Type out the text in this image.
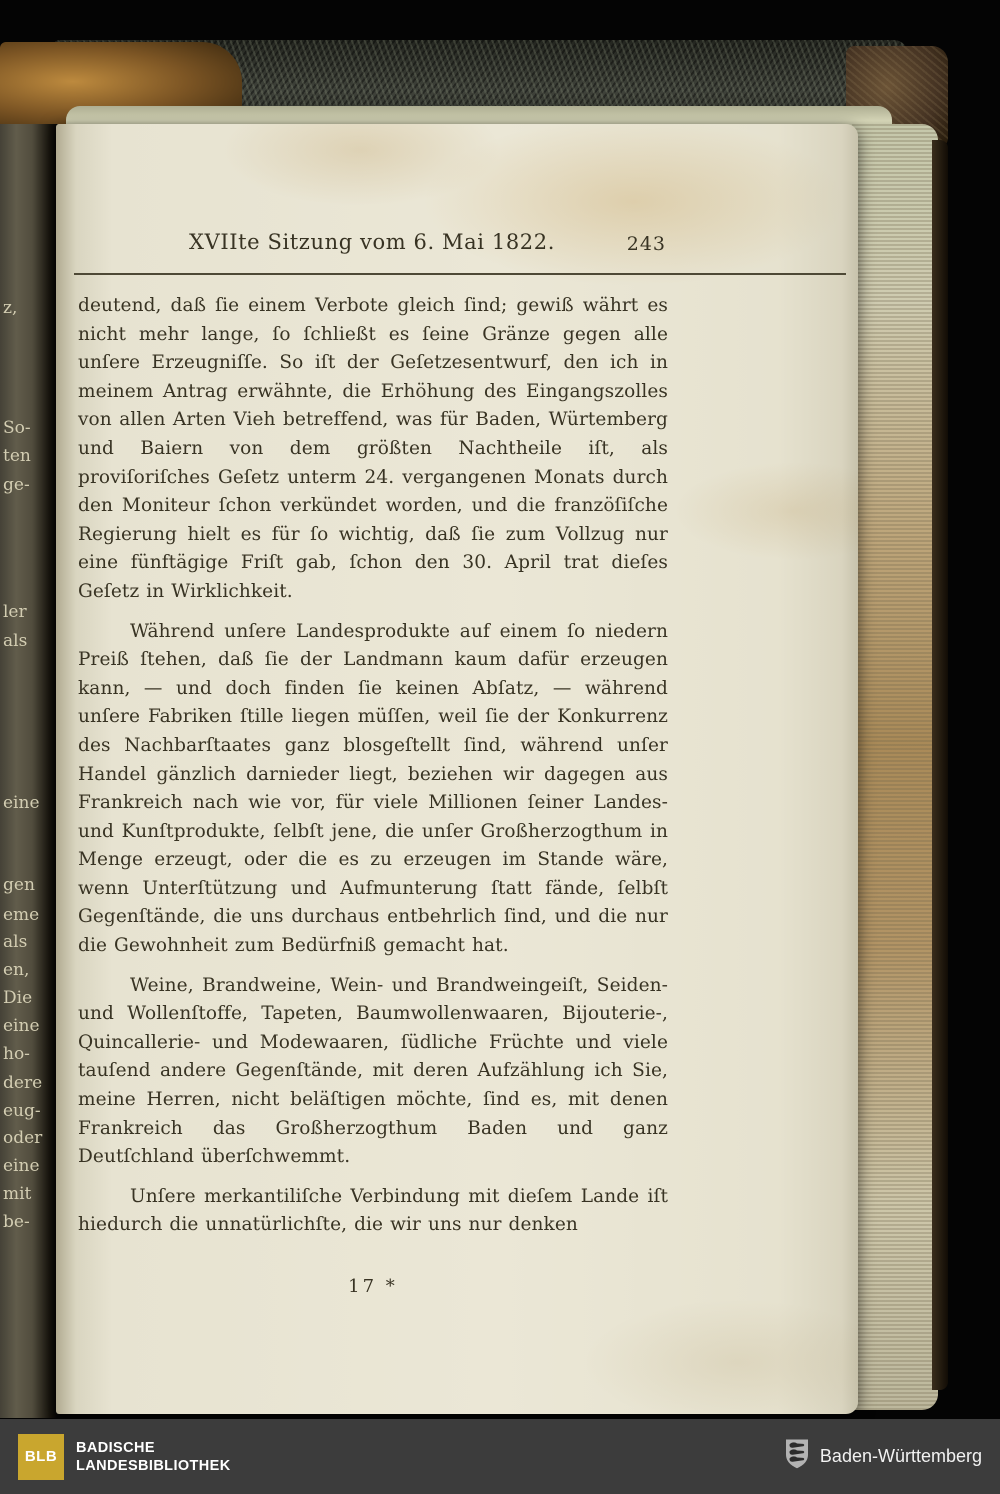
z,
So-
ten
ge-
ler
als
eine
gen
eme
als
en,
Die
eine
ho-
dere
eug-
oder
eine
mit
be-
XVIIte Sitzung vom 6. Mai 1822.	243

deutend, daß ſie einem Verbote gleich ſind; gewiß währt es nicht mehr lange, ſo ſchließt es ſeine Gränze gegen alle unſere Erzeugniſſe. So iſt der Geſetzesentwurf, den ich in meinem Antrag erwähnte, die Erhöhung des Eingangszolles von allen Arten Vieh betreffend, was für Baden, Würtemberg und Baiern von dem größten Nachtheile iſt, als proviſoriſches Geſetz unterm 24. vergangenen Monats durch den Moniteur ſchon verkündet worden, und die franzöſiſche Regierung hielt es für ſo wichtig, daß ſie zum Vollzug nur eine fünftägige Friſt gab, ſchon den 30. April trat dieſes Geſetz in Wirklichkeit.

Während unſere Landesprodukte auf einem ſo niedern Preiß ſtehen, daß ſie der Landmann kaum dafür erzeugen kann, — und doch finden ſie keinen Abſatz, — während unſere Fabriken ſtille liegen müſſen, weil ſie der Konkurrenz des Nachbarſtaates ganz blosgeſtellt ſind, während unſer Handel gänzlich darnieder liegt, beziehen wir dagegen aus Frankreich nach wie vor, für viele Millionen ſeiner Landes- und Kunſtprodukte, ſelbſt jene, die unſer Großherzogthum in Menge erzeugt, oder die es zu erzeugen im Stande wäre, wenn Unterſtützung und Aufmunterung ſtatt fände, ſelbſt Gegenſtände, die uns durchaus entbehrlich ſind, und die nur die Gewohnheit zum Bedürfniß gemacht hat.

Weine, Brandweine, Wein- und Brandweingeiſt, Seiden- und Wollenſtoffe, Tapeten, Baumwollenwaaren, Bijouterie-, Quincallerie- und Modewaaren, ſüdliche Früchte und viele tauſend andere Gegenſtände, mit deren Aufzählung ich Sie, meine Herren, nicht beläſtigen möchte, ſind es, mit denen Frankreich das Großherzogthum Baden und ganz Deutſchland überſchwemmt.

Unſere merkantiliſche Verbindung mit dieſem Lande iſt hiedurch die unnatürlichſte, die wir uns nur denken

17 *
BLB
BADISCHE
LANDESBIBLIOTHEK	Baden-Württemberg
